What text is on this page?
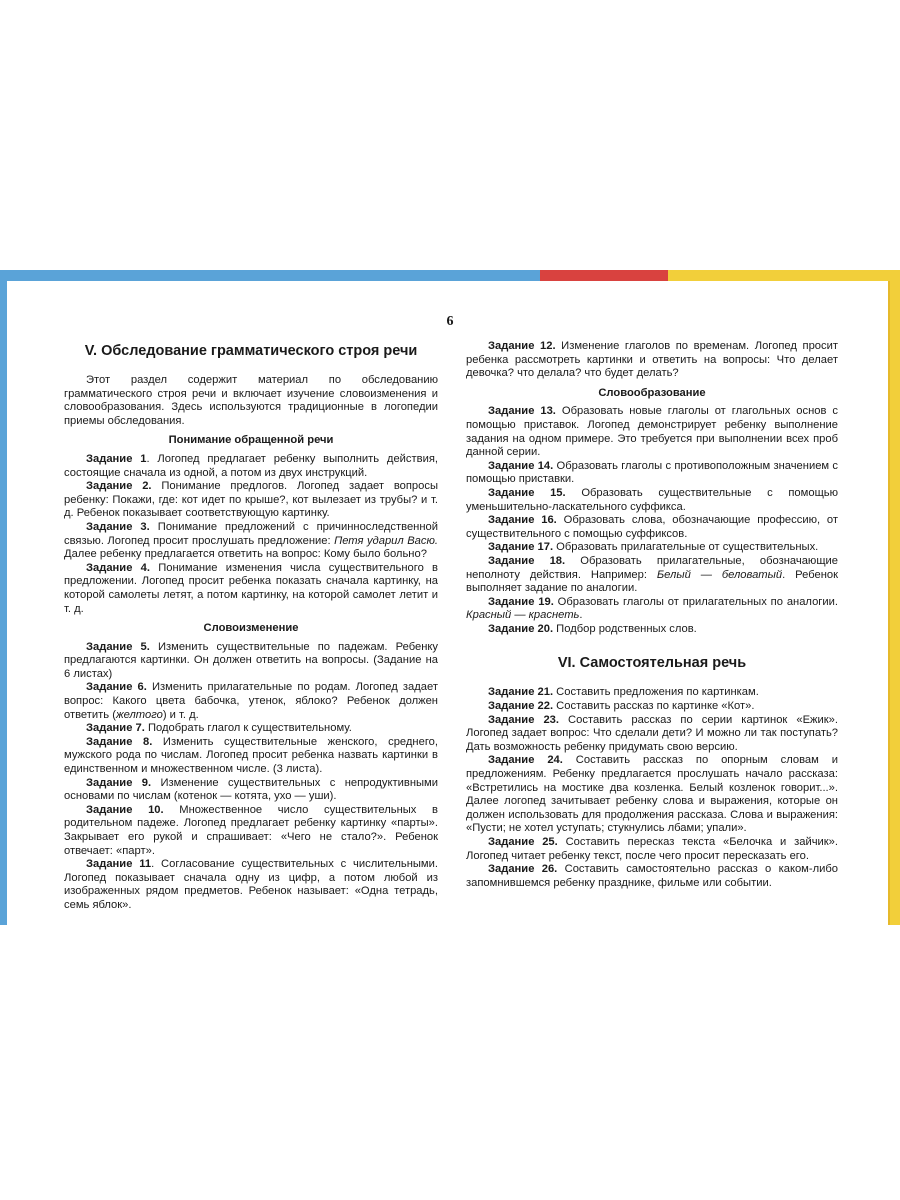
6
V. Обследование грамматического строя речи

Этот раздел содержит материал по обследованию грамматического строя речи и включает изучение словоизменения и словообразования. Здесь используются традиционные в логопедии приемы обследования.

Понимание обращенной речи

Задание 1. Логопед предлагает ребенку выполнить действия, состоящие сначала из одной, а потом из двух инструкций.

Задание 2. Понимание предлогов. Логопед задает вопросы ребенку: Покажи, где: кот идет по крыше?, кот вылезает из трубы? и т. д. Ребенок показывает соответствующую картинку.

Задание 3. Понимание предложений с причинноследственной связью. Логопед просит прослушать предложение: Петя ударил Васю. Далее ребенку предлагается ответить на вопрос: Кому было больно?

Задание 4. Понимание изменения числа существительного в предложении. Логопед просит ребенка показать сначала картинку, на которой самолеты летят, а потом картинку, на которой самолет летит и т. д.

Словоизменение

Задание 5. Изменить существительные по падежам. Ребенку предлагаются картинки. Он должен ответить на вопросы. (Задание на 6 листах)

Задание 6. Изменить прилагательные по родам. Логопед задает вопрос: Какого цвета бабочка, утенок, яблоко? Ребенок должен ответить (желтого) и т. д.

Задание 7. Подобрать глагол к существительному.

Задание 8. Изменить существительные женского, среднего, мужского рода по числам. Логопед просит ребенка назвать картинки в единственном и множественном числе. (3 листа).

Задание 9. Изменение существительных с непродуктивными основами по числам (котенок — котята, ухо — уши).

Задание 10. Множественное число существительных в родительном падеже. Логопед предлагает ребенку картинку «парты». Закрывает его рукой и спрашивает: «Чего не стало?». Ребенок отвечает: «парт».

Задание 11. Согласование существительных с числительными. Логопед показывает сначала одну из цифр, а потом любой из изображенных рядом предметов. Ребенок называет: «Одна тетрадь, семь яблок».

Задание 12. Изменение глаголов по временам. Логопед просит ребенка рассмотреть картинки и ответить на вопросы: Что делает девочка? что делала? что будет делать?

Словообразование

Задание 13. Образовать новые глаголы от глагольных основ с помощью приставок. Логопед демонстрирует ребенку выполнение задания на одном примере. Это требуется при выполнении всех проб данной серии.

Задание 14. Образовать глаголы с противоположным значением с помощью приставки.

Задание 15. Образовать существительные с помощью уменьшительно-ласкательного суффикса.

Задание 16. Образовать слова, обозначающие профессию, от существительного с помощью суффиксов.

Задание 17. Образовать прилагательные от существительных.

Задание 18. Образовать прилагательные, обозначающие неполноту действия. Например: Белый — беловатый. Ребенок выполняет задание по аналогии.

Задание 19. Образовать глаголы от прилагательных по аналогии. Красный — краснеть.

Задание 20. Подбор родственных слов.

VI. Самостоятельная речь

Задание 21. Составить предложения по картинкам.

Задание 22. Составить рассказ по картинке «Кот».

Задание 23. Составить рассказ по серии картинок «Ежик». Логопед задает вопрос: Что сделали дети? И можно ли так поступать? Дать возможность ребенку придумать свою версию.

Задание 24. Составить рассказ по опорным словам и предложениям. Ребенку предлагается прослушать начало рассказа: «Встретились на мостике два козленка. Белый козленок говорит...». Далее логопед зачитывает ребенку слова и выражения, которые он должен использовать для продолжения рассказа. Слова и выражения: «Пусти; не хотел уступать; стукнулись лбами; упали».

Задание 25. Составить пересказ текста «Белочка и зайчик». Логопед читает ребенку текст, после чего просит пересказать его.

Задание 26. Составить самостоятельно рассказ о каком-либо запомнившемся ребенку празднике, фильме или событии.
